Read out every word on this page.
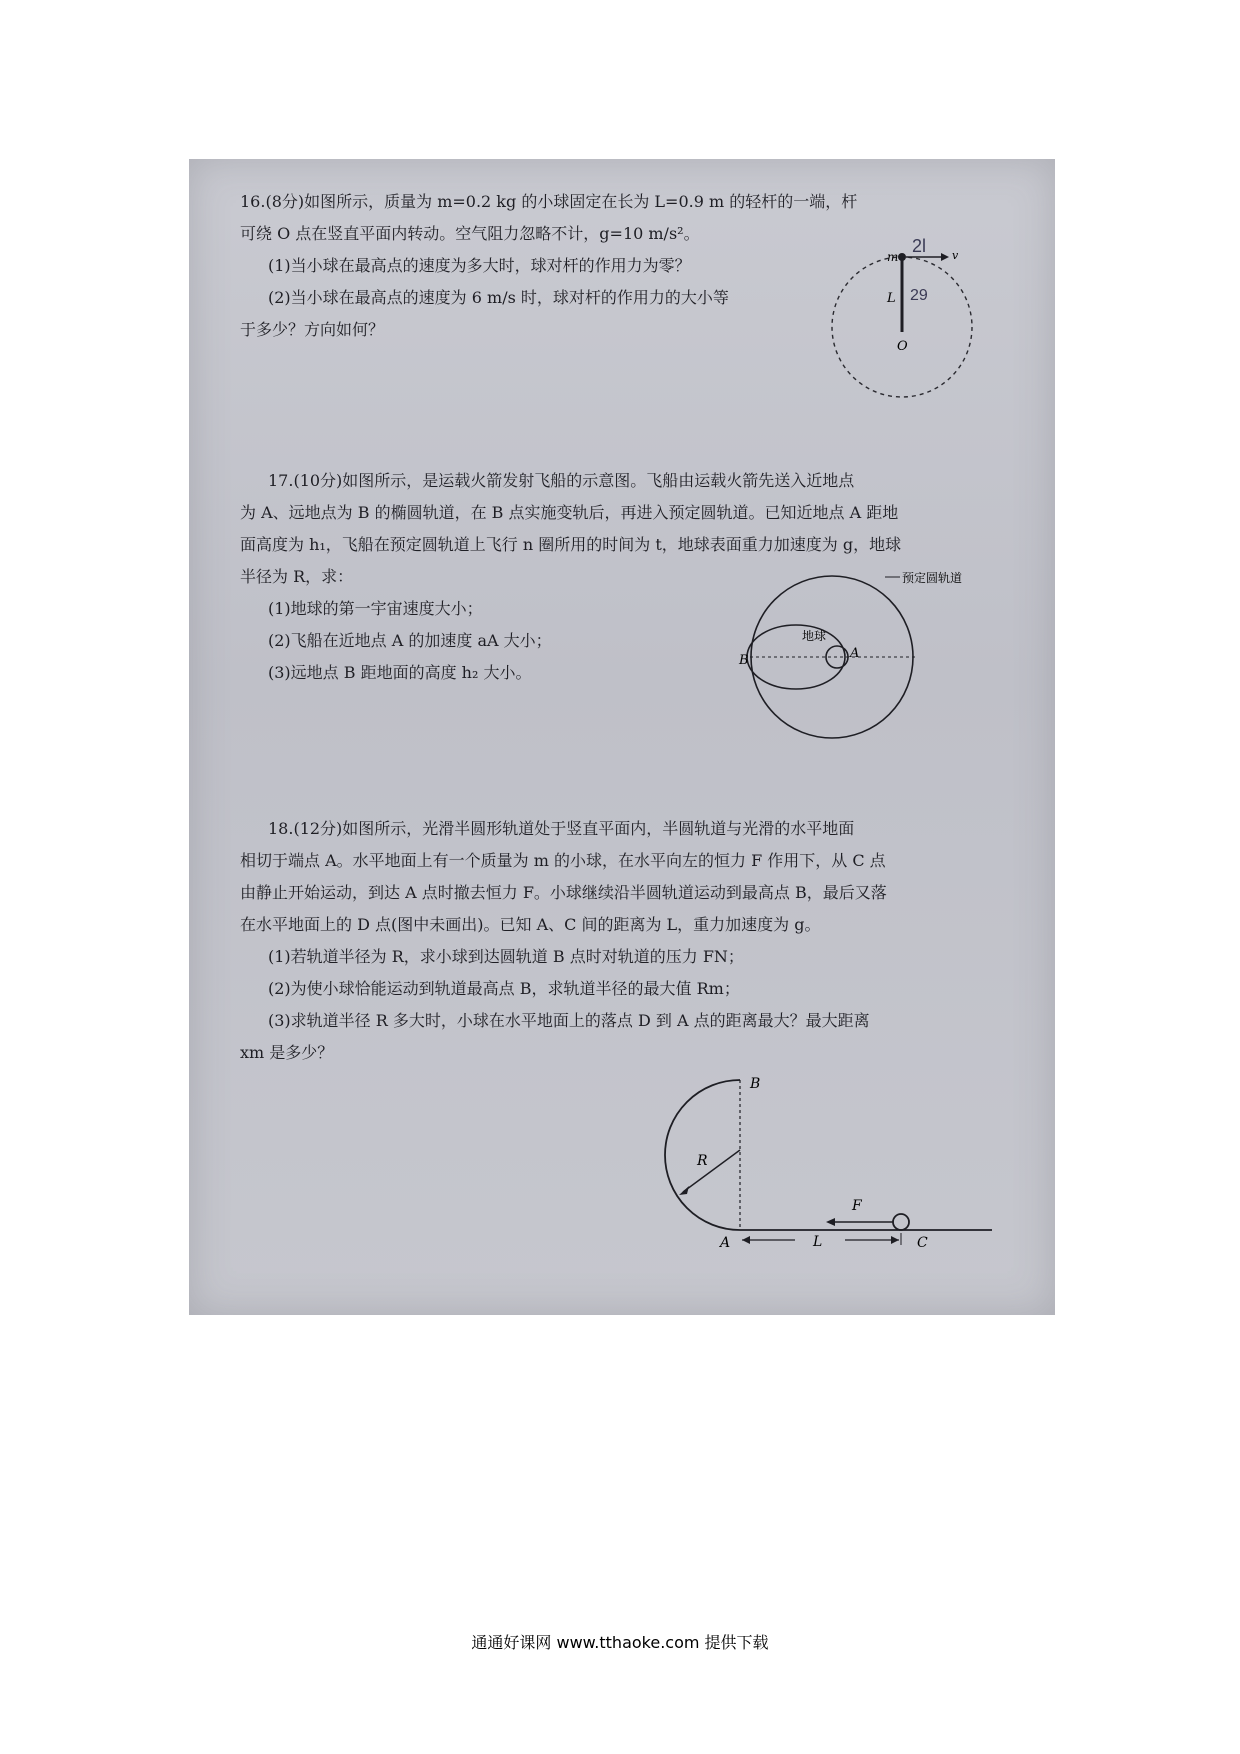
16.(8分)如图所示，质量为 m=0.2 kg 的小球固定在长为 L=0.9 m 的轻杆的一端，杆

可绕 O 点在竖直平面内转动。空气阻力忽略不计，g=10 m/s²。

(1)当小球在最高点的速度为多大时，球对杆的作用力为零？

(2)当小球在最高点的速度为 6 m/s 时，球对杆的作用力的大小等

于多少？方向如何？

m	v
L
O
2l
29

17.(10分)如图所示，是运载火箭发射飞船的示意图。飞船由运载火箭先送入近地点

为 A、远地点为 B 的椭圆轨道，在 B 点实施变轨后，再进入预定圆轨道。已知近地点 A 距地

面高度为 h₁，飞船在预定圆轨道上飞行 n 圈所用的时间为 t，地球表面重力加速度为 g，地球

半径为 R，求：

(1)地球的第一宇宙速度大小；

(2)飞船在近地点 A 的加速度 aA 大小；

(3)远地点 B 距地面的高度 h₂ 大小。

预定圆轨道
地球
A
B

18.(12分)如图所示，光滑半圆形轨道处于竖直平面内，半圆轨道与光滑的水平地面

相切于端点 A。水平地面上有一个质量为 m 的小球，在水平向左的恒力 F 作用下，从 C 点

由静止开始运动，到达 A 点时撤去恒力 F。小球继续沿半圆轨道运动到最高点 B，最后又落

在水平地面上的 D 点(图中未画出)。已知 A、C 间的距离为 L，重力加速度为 g。

(1)若轨道半径为 R，求小球到达圆轨道 B 点时对轨道的压力 FN；

(2)为使小球恰能运动到轨道最高点 B，求轨道半径的最大值 Rm；

(3)求轨道半径 R 多大时，小球在水平地面上的落点 D 到 A 点的距离最大？最大距离

xm 是多少？

R
B
F
L
A	C
通通好课网 www.tthaoke.com 提供下载
